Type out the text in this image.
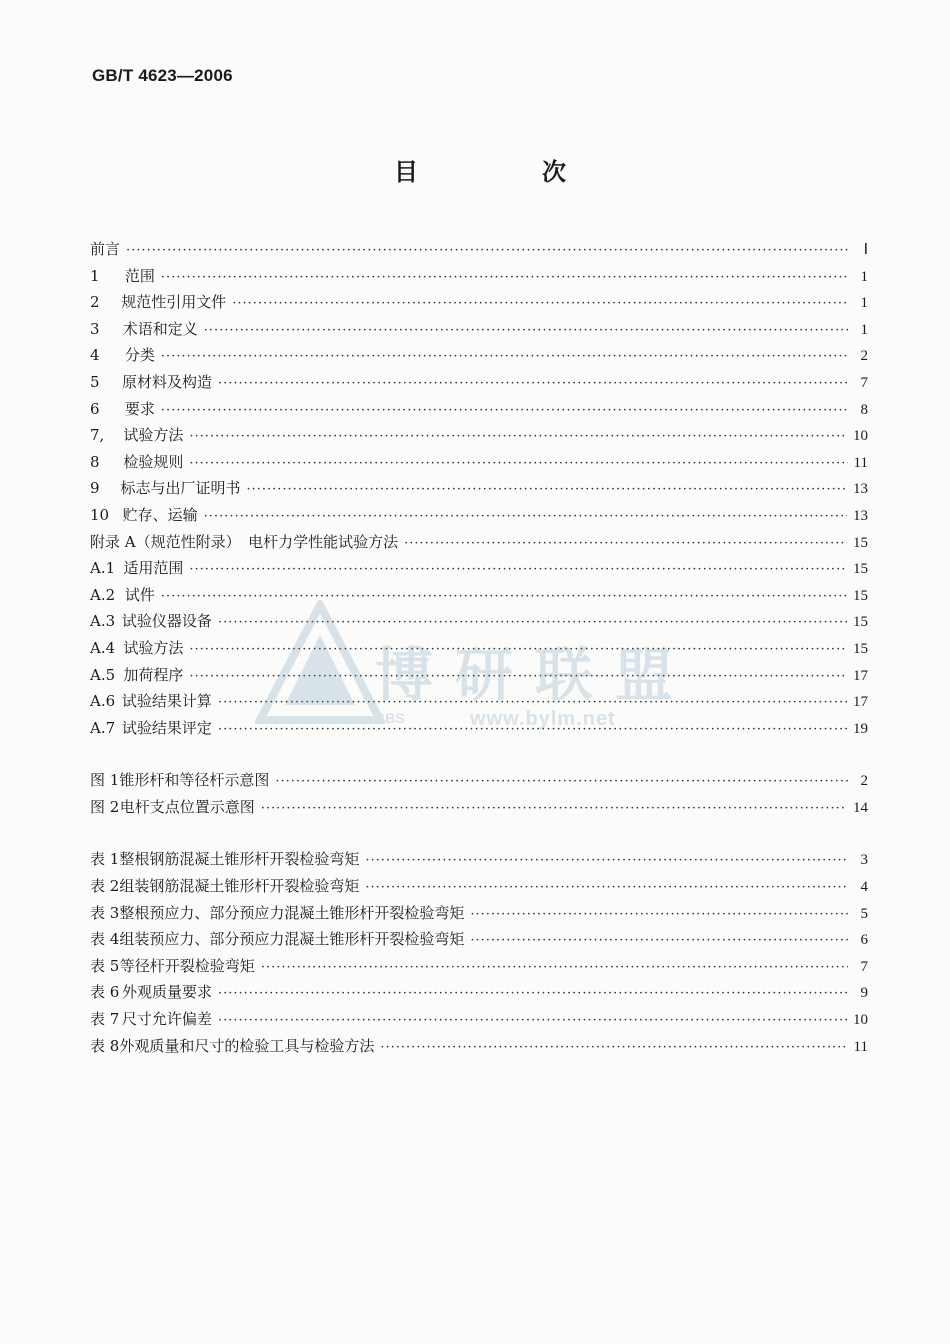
GB/T 4623—2006
目　次
前言 ·····	Ⅰ
1	范围 ·····	1
2	规范性引用文件 ·····	1
3	术语和定义 ·····	1
4	分类 ·····	2
5	原材料及构造 ·····	7
6	要求 ·····	8
7,	试验方法 ·····	10
8	检验规则 ·····	11
9	标志与出厂证明书 ·····	13
10 贮存、运输 ·····	13
附录 A（规范性附录）　电杆力学性能试验方法 ·····	15
A.1 适用范围 ·····	15
A.2 试件 ·····	15
A.3 试验仪器设备 ·····	15
A.4 试验方法 ·····	15
A.5 加荷程序 ·····	17
A.6 试验结果计算 ·····	17
A.7 试验结果评定 ·····	19
图 1 锥形杆和等径杆示意图 ·····	2
图 2 电杆支点位置示意图 ·····	14
表 1 整根钢筋混凝土锥形杆开裂检验弯矩 ·····	3
表 2 组装钢筋混凝土锥形杆开裂检验弯矩 ·····	4
表 3 整根预应力、部分预应力混凝土锥形杆开裂检验弯矩 ·····	5
表 4 组装预应力、部分预应力混凝土锥形杆开裂检验弯矩 ·····	6
表 5 等径杆开裂检验弯矩 ·····	7
表 6 外观质量要求 ·····	9
表 7 尺寸允许偏差 ·····	10
表 8 外观质量和尺寸的检验工具与检验方法 ·····	11
博研联盟
BBS	www.bylm.net
